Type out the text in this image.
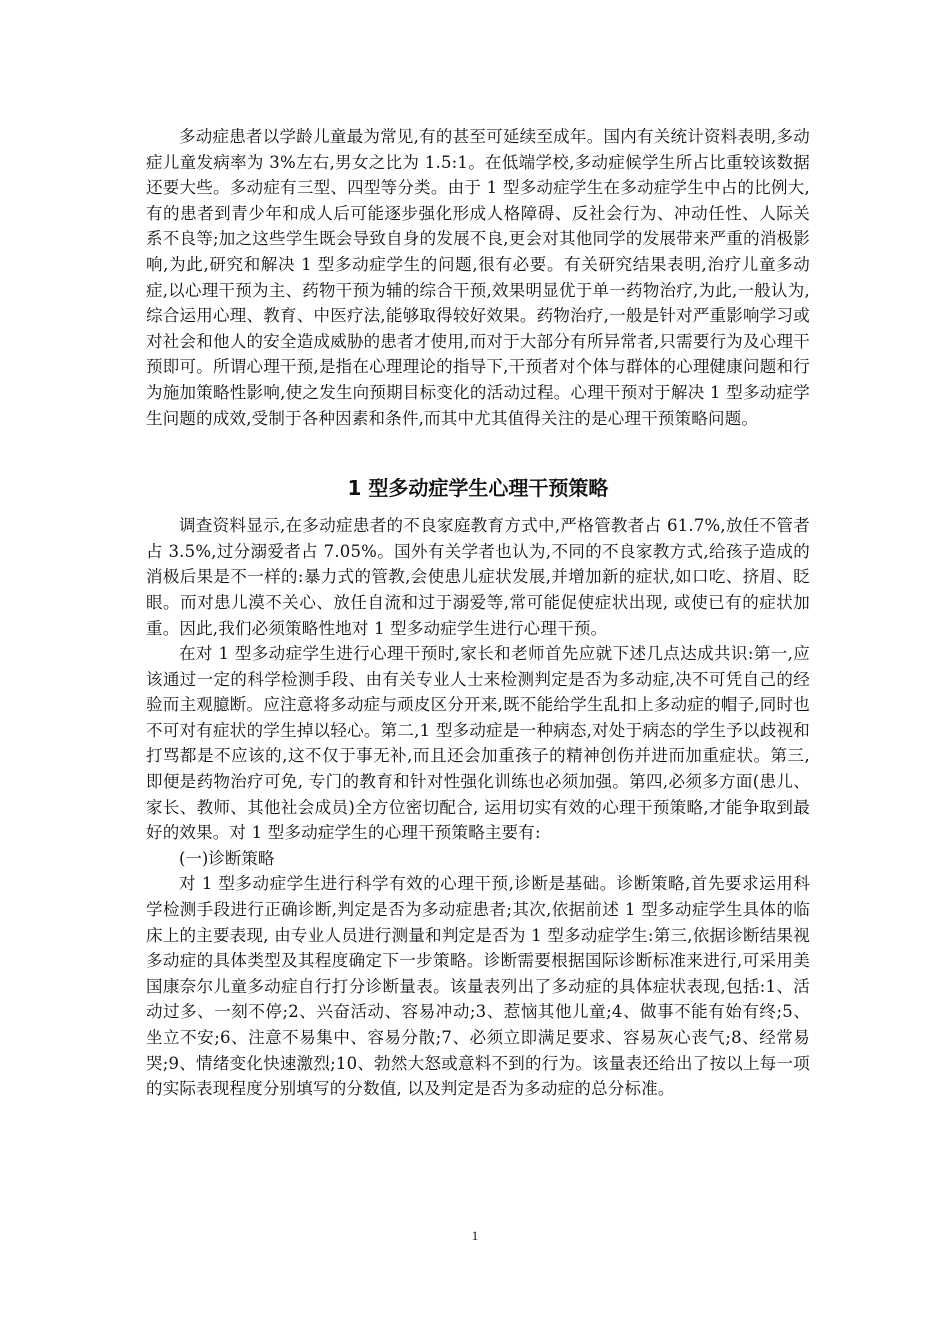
多动症患者以学龄儿童最为常见,有的甚至可延续至成年。国内有关统计资料表明,多动症儿童发病率为 3%左右,男女之比为 1.5:1。在低端学校,多动症候学生所占比重较该数据还要大些。多动症有三型、四型等分类。由于 1 型多动症学生在多动症学生中占的比例大,有的患者到青少年和成人后可能逐步强化形成人格障碍、反社会行为、冲动任性、人际关系不良等;加之这些学生既会导致自身的发展不良,更会对其他同学的发展带来严重的消极影响,为此,研究和解决 1 型多动症学生的问题,很有必要。有关研究结果表明,治疗儿童多动症,以心理干预为主、药物干预为辅的综合干预,效果明显优于单一药物治疗,为此,一般认为,综合运用心理、教育、中医疗法,能够取得较好效果。药物治疗,一般是针对严重影响学习或对社会和他人的安全造成威胁的患者才使用,而对于大部分有所异常者,只需要行为及心理干预即可。所谓心理干预,是指在心理理论的指导下,干预者对个体与群体的心理健康问题和行为施加策略性影响,使之发生向预期目标变化的活动过程。心理干预对于解决 1 型多动症学生问题的成效,受制于各种因素和条件,而其中尤其值得关注的是心理干预策略问题。

1 型多动症学生心理干预策略

调查资料显示,在多动症患者的不良家庭教育方式中,严格管教者占 61.7%,放任不管者占 3.5%,过分溺爱者占 7.05%。国外有关学者也认为,不同的不良家教方式,给孩子造成的消极后果是不一样的:暴力式的管教,会使患儿症状发展,并增加新的症状,如口吃、挤眉、眨眼。而对患儿漠不关心、放任自流和过于溺爱等,常可能促使症状出现, 或使已有的症状加重。因此,我们必须策略性地对 1 型多动症学生进行心理干预。

在对 1 型多动症学生进行心理干预时,家长和老师首先应就下述几点达成共识:第一,应该通过一定的科学检测手段、由有关专业人士来检测判定是否为多动症,决不可凭自己的经验而主观臆断。应注意将多动症与顽皮区分开来,既不能给学生乱扣上多动症的帽子,同时也不可对有症状的学生掉以轻心。第二,1 型多动症是一种病态,对处于病态的学生予以歧视和打骂都是不应该的,这不仅于事无补,而且还会加重孩子的精神创伤并进而加重症状。第三,即便是药物治疗可免, 专门的教育和针对性强化训练也必须加强。第四,必须多方面(患儿、家长、教师、其他社会成员)全方位密切配合, 运用切实有效的心理干预策略,才能争取到最好的效果。对 1 型多动症学生的心理干预策略主要有:

(一)诊断策略

对 1 型多动症学生进行科学有效的心理干预,诊断是基础。诊断策略,首先要求运用科学检测手段进行正确诊断,判定是否为多动症患者;其次,依据前述 1 型多动症学生具体的临床上的主要表现, 由专业人员进行测量和判定是否为 1 型多动症学生:第三,依据诊断结果视多动症的具体类型及其程度确定下一步策略。诊断需要根据国际诊断标准来进行,可采用美国康奈尔儿童多动症自行打分诊断量表。该量表列出了多动症的具体症状表现,包括:1、活动过多、一刻不停;2、兴奋活动、容易冲动;3、惹恼其他儿童;4、做事不能有始有终;5、坐立不安;6、注意不易集中、容易分散;7、必须立即满足要求、容易灰心丧气;8、经常易哭;9、情绪变化快速激烈;10、勃然大怒或意料不到的行为。该量表还给出了按以上每一项的实际表现程度分别填写的分数值, 以及判定是否为多动症的总分标准。

1
